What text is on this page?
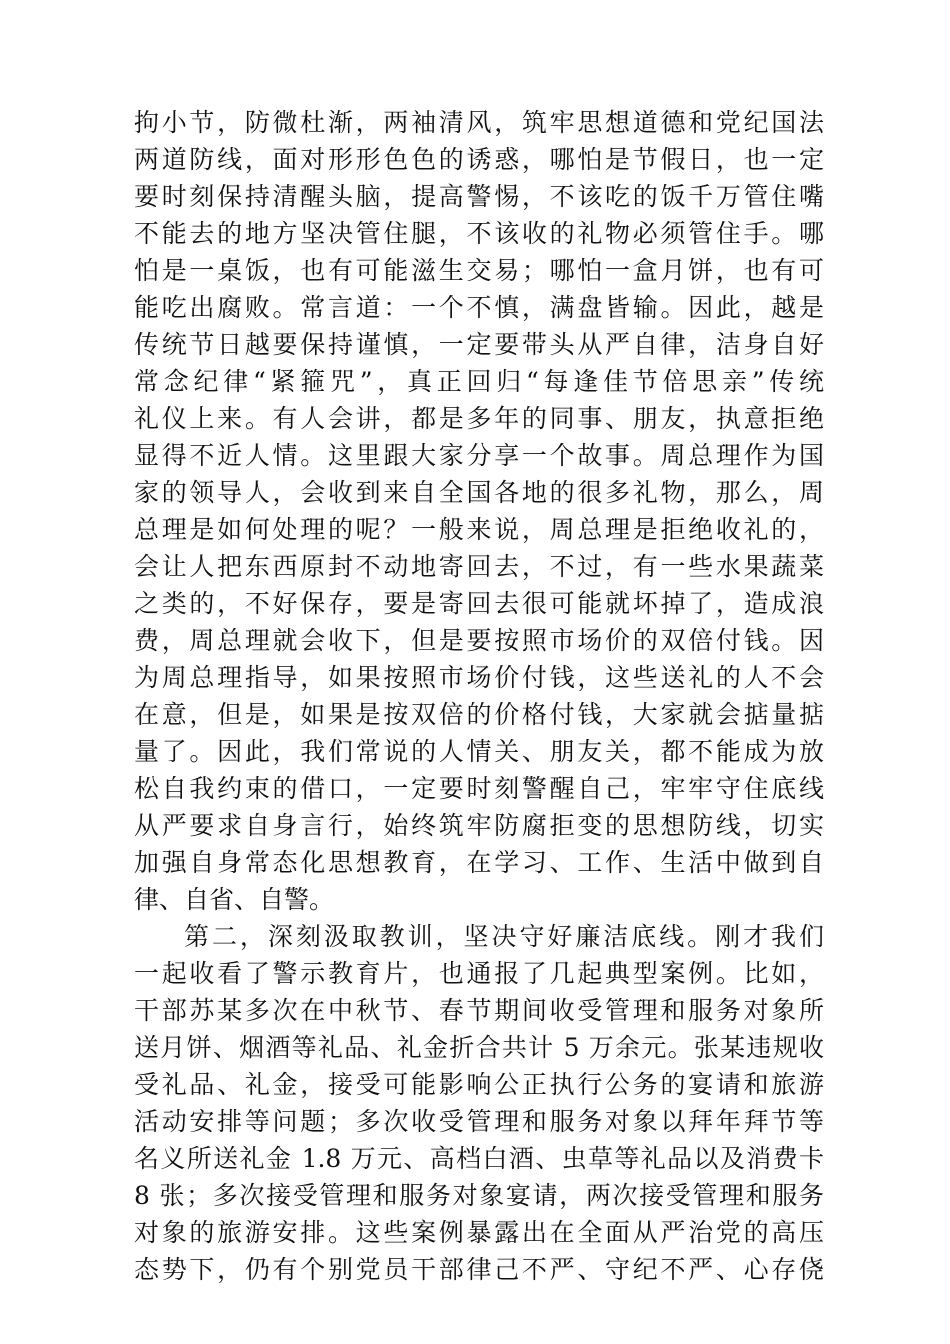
拘小节，防微杜渐，两袖清风，筑牢思想道德和党纪国法
两道防线，面对形形色色的诱惑，哪怕是节假日，也一定
要时刻保持清醒头脑，提高警惕，不该吃的饭千万管住嘴
不能去的地方坚决管住腿，不该收的礼物必须管住手。哪
怕是一桌饭，也有可能滋生交易；哪怕一盒月饼，也有可
能吃出腐败。常言道：一个不慎，满盘皆输。因此，越是
传统节日越要保持谨慎，一定要带头从严自律，洁身自好
常念纪律“紧箍咒”，真正回归“每逢佳节倍思亲”传统
礼仪上来。有人会讲，都是多年的同事、朋友，执意拒绝
显得不近人情。这里跟大家分享一个故事。周总理作为国
家的领导人，会收到来自全国各地的很多礼物，那么，周
总理是如何处理的呢？一般来说，周总理是拒绝收礼的，
会让人把东西原封不动地寄回去，不过，有一些水果蔬菜
之类的，不好保存，要是寄回去很可能就坏掉了，造成浪
费，周总理就会收下，但是要按照市场价的双倍付钱。因
为周总理指导，如果按照市场价付钱，这些送礼的人不会
在意，但是，如果是按双倍的价格付钱，大家就会掂量掂
量了。因此，我们常说的人情关、朋友关，都不能成为放
松自我约束的借口，一定要时刻警醒自己，牢牢守住底线
从严要求自身言行，始终筑牢防腐拒变的思想防线，切实
加强自身常态化思想教育，在学习、工作、生活中做到自
律、自省、自警。
第二，深刻汲取教训，坚决守好廉洁底线。刚才我们
一起收看了警示教育片，也通报了几起典型案例。比如，
干部苏某多次在中秋节、春节期间收受管理和服务对象所
送月饼、烟酒等礼品、礼金折合共计 5 万余元。张某违规收
受礼品、礼金，接受可能影响公正执行公务的宴请和旅游
活动安排等问题；多次收受管理和服务对象以拜年拜节等
名义所送礼金 1.8 万元、高档白酒、虫草等礼品以及消费卡
8 张；多次接受管理和服务对象宴请，两次接受管理和服务
对象的旅游安排。这些案例暴露出在全面从严治党的高压
态势下，仍有个别党员干部律己不严、守纪不严、心存侥
